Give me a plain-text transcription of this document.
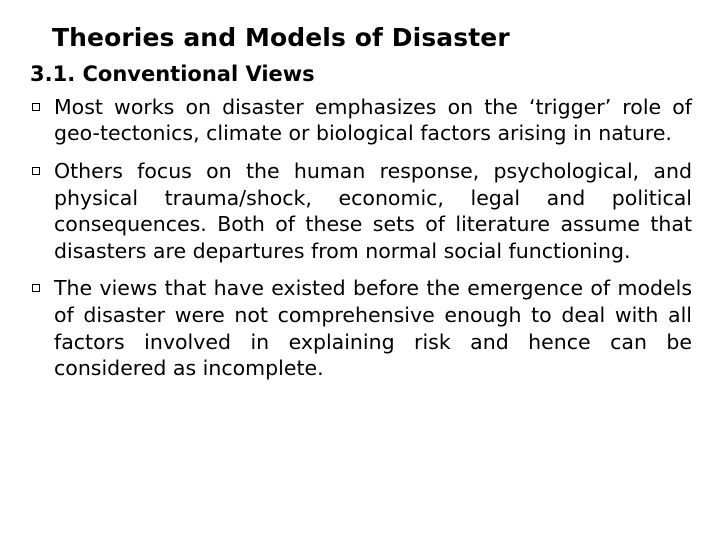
Theories and Models of Disaster
3.1. Conventional Views
Most works on disaster emphasizes on the ‘trigger’ role of geo-tectonics, climate or biological factors arising in nature.
Others focus on the human response, psychological, and physical trauma/shock, economic, legal and political consequences. Both of these sets of literature assume that disasters are departures from normal social functioning.
The views that have existed before the emergence of models of disaster were not comprehensive enough to deal with all factors involved in explaining risk and hence can be considered as incomplete.
